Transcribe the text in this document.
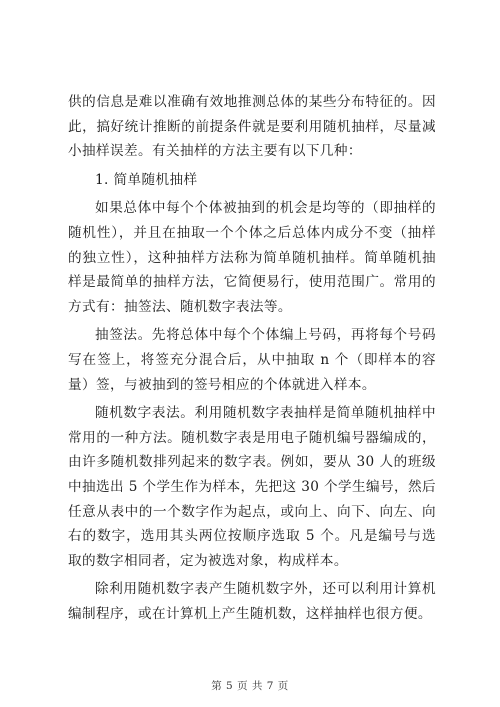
供的信息是难以准确有效地推测总体的某些分布特征的。因此，搞好统计推断的前提条件就是要利用随机抽样，尽量减小抽样误差。有关抽样的方法主要有以下几种：

1. 简单随机抽样

如果总体中每个个体被抽到的机会是均等的（即抽样的随机性），并且在抽取一个个体之后总体内成分不变（抽样的独立性），这种抽样方法称为简单随机抽样。简单随机抽样是最简单的抽样方法，它简便易行，使用范围广。常用的方式有：抽签法、随机数字表法等。

抽签法。先将总体中每个个体编上号码，再将每个号码写在签上，将签充分混合后，从中抽取 n 个（即样本的容量）签，与被抽到的签号相应的个体就进入样本。

随机数字表法。利用随机数字表抽样是简单随机抽样中常用的一种方法。随机数字表是用电子随机编号器编成的，由许多随机数排列起来的数字表。例如，要从 30 人的班级中抽选出 5 个学生作为样本，先把这 30 个学生编号，然后任意从表中的一个数字作为起点，或向上、向下、向左、向右的数字，选用其头两位按顺序选取 5 个。凡是编号与选取的数字相同者，定为被选对象，构成样本。

除利用随机数字表产生随机数字外，还可以利用计算机编制程序，或在计算机上产生随机数，这样抽样也很方便。

第 5 页 共 7 页
